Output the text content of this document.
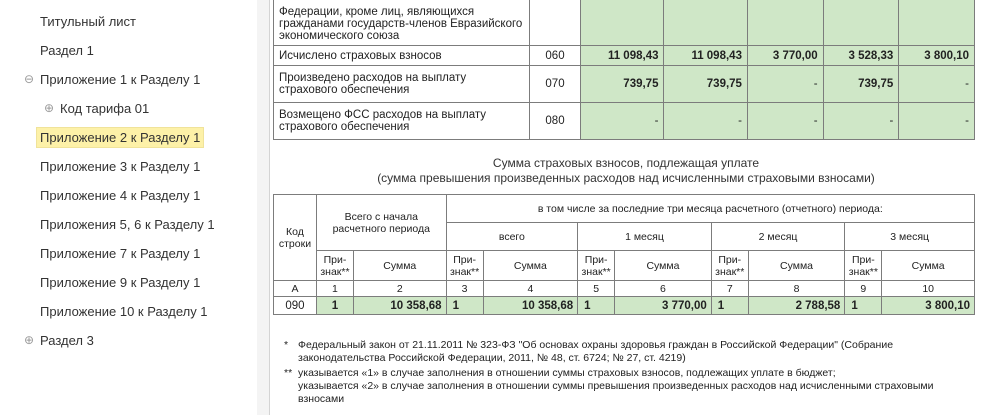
Титульный лист
Раздел 1
⊖ Приложение 1 к Разделу 1
⊕ Код тарифа 01
Приложение 2 к Разделу 1
Приложение 3 к Разделу 1
Приложение 4 к Разделу 1
Приложения 5, 6 к Разделу 1
Приложение 7 к Разделу 1
Приложение 9 к Разделу 1
Приложение 10 к Разделу 1
⊕ Раздел 3
Федерации, кроме лиц, являющихся гражданами государств-членов Евразийского экономического союза						
Исчислено страховых взносов	060	11 098,43	11 098,43	3 770,00	3 528,33	3 800,10
Произведено расходов на выплату страхового обеспечения	070	739,75	739,75	-	739,75	-
Возмещено ФСС расходов на выплату страхового обеспечения	080	-	-	-	-	-
Сумма страховых взносов, подлежащая уплате
(сумма превышения произведенных расходов над исчисленными страховыми взносами)
Код строки	Всего с начала расчетного периода		в том числе за последние три месяца расчетного (отчетного) периода:							
			всего		1 месяц		2 месяц		3 месяц	
	При-знак**	Сумма	При-знак**	Сумма	При-знак**	Сумма	При-знак**	Сумма	При-знак**	Сумма
А	1	2	3	4	5	6	7	8	9	10
090	1	10 358,68	1	10 358,68	1	3 770,00	1	2 788,58	1	3 800,10
* Федеральный закон от 21.11.2011 № 323-ФЗ "Об основах охраны здоровья граждан в Российской Федерации" (Собрание законодательства Российской Федерации, 2011, № 48, ст. 6724; № 27, ст. 4219)
** указывается «1» в случае заполнения в отношении суммы страховых взносов, подлежащих уплате в бюджет;
указывается «2» в случае заполнения в отношении суммы превышения произведенных расходов над исчисленными страховыми взносами
